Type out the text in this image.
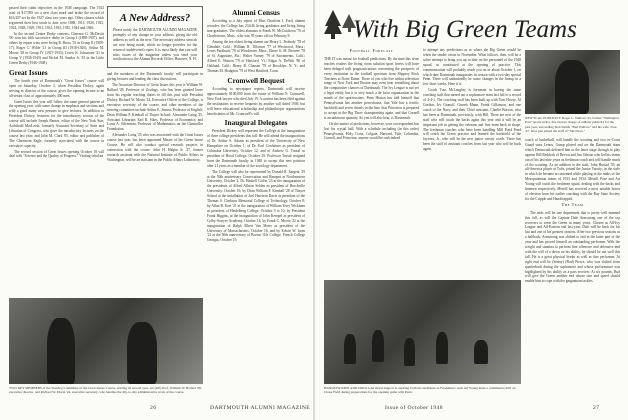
passed their cabin objectives in the 1948 campaign. The 1923 total of $17,995 set a new class mark and broke the record of $16,307 set by the 1927 class two years ago. Other classes which registered their best totals to date were 1888, 1911, 1920, 1923, 1924, 1928, 1929, 1931, 1932, 1933, 1935, 1944 and 1946.

In the second Centre Derby contests, Clarence G. McDavitt '00 won his fifth successive derby in Group I (1898-1907), and others by repeat wins were Irving R. Bross '15 in Group II (1908-17), Roger C. Wilde '21 in Group III (1918-1926), Arthur M. Moore '28 in Group IV (1927-1935), Lewis K. Johnstone '41 in Group V (1936-1945) and Nickel M. Sandor Jr. '45 in the Little Green Derby (1946-1948).

Great Issues

The fourth year of Dartmouth's "Great Issues" course will open on Saturday, October 2, when President Dickey, again serving as director of the course, gives the opening lecture to an all-senior class of approximately 400 men.

Great Issues this year will follow the same general pattern of the opening year, with some change in emphasis and sections and with a good many new persons to give lectures. In addition to President Dickey, lecturers for the introductory section of the course will include Joseph Barnes, editor of the New York Star; Archibald MacLeish, formerly Assistant Secretary of State and Librarian of Congress, who gave the introductory lectures on the course last year; and John M. Clark '05, editor and publisher of The Claremont Eagle, formerly associated with the course in executive capacity.

The second session of Great Issues opening October 18 will deal with "Science and the Quality of Progress." Visiting scholars

A New Address?

Please notify the DARTMOUTH ALUMNI MAGAZINE promptly of any change in your address, giving the old address as well as the new. The necessary address stencils are now being made, which no longer provides for the return of undelivered copies. It is most likely that you will miss issues of the magazine unless you send your notification to the Alumni Records Office, Hanover, N. H.

and the members of the Dartmouth faculty will participate in giving lectures and leading the class discussions.

The Associate Director of Great Issues this year is William W. Ballard '28, Professor of Zoology, who has been granted leave from his regular teaching duties to fill this post with President Dickey. Richard W. Morin '24, Executive Officer of the College, is executive secretary of the course, and other members of the steering committee include Arthur E. Jensen, Professor of English; Dean William P. Kimball of Thayer School; Alexander Laing '25, Assistant Librarian; Earl R. Sikes, Professor of Economics; and Louis A. Silverman, Professor of Mathematics on the Chancellor Foundation.

Alexander Laing '25 who was associated with the Great Issues course last year, has been appointed Master of the Green house Course. He will also conduct special research projects in connection with the course. John H. Halpin Jr. '47, former research assistant with the National Institute of Public Affairs in Washington, will be an assistant in the Public Affairs Laboratory.

Alumni Census

According to a July report of Miss Charlotte J. Ford, alumni recorder, the College has 23,646 living graduates and living living non-graduates. The oldest alumnus is Frank W. McCutcheon '76 of Charlestown, Mass., who was 95 years old on February 9.

Among the ten oldest living alumni are Henry L. Peabody '78 of Glendale, Calif.; William R. Tillotson '77 of Westwood, Mass.; Lewis Parkhurst '78 of Winchester, Mass.; Elmer G. M. Browne '78 of St. Augustine, Fla.; Walter Varney '79 of Sacramento, Calif.; Alfred E. Watson '79 of Hartford, Vt.; Edgar A. DeWitt '80 of Oakland, Calif.; Henry B. Clausen '79 of Brooklyn, N. Y.; and Thomas M. Hodgdon '79 of West Hartford, Conn.

Cromwell Bequest

According to newspaper reports, Dartmouth will receive approximately $100,000 from the estate of William N. Cromwell, New York lawyer who died July 19. A contest has been filed against the institutions to receive bequests by another will dated 1939, but will leave educational scholarship and philanthropic organizations beneficiaries of Mr. Cromwell's will.

Inaugural Delegates

President Dickey will represent the College at the inauguration of three college presidents this fall: He will attend the inaugurations of Dr. Arthur S. Adams as president of the University of New Hampshire on October 1, of Dr. Earl Cowhitner as president of Columbia University, October 12, and of Andrew G. Truxal as president of Hood College, October 29. Professor Truxal resigned from the Dartmouth faculty in 1948 to accept this new position after 21 years as a member of the sociology department.

The College will also be represented by Donald R. Sargent '29 at the 50th anniversary Convocation and Banquet at Northeastern University, October 2; Dr. Haskell Coffin '23 at the inauguration of the presidents of Alfred Allston Selden as president of Brockville University, October 16; by Dean William F. Kimball '28 of Thayer School at the installation of Joel Harrison Davis as president of the Thomas S. Clarkson Memorial College of Technology, October 8; by Allan B. Kerr '21 at the inauguration of William Terry Wickham as president of Heidelberg College, October 9 to 10; by President Frank Higgins, at the inauguration of John Kempel as president of Colby-Sawyer Academy, October 14; by Frank C. Moore '22 at the inauguration of Ralph Albert Van Meter as president of the University of Massachusetts, October 16, and by Edwin W. Irons '22 at the 50th anniversary of Brown 11th College, French College Georgia, October 19.

TWO KEY MEMBERS of the Steering Committee of the Great Issues Course, starting its second year, are (left) Prof. William W. Ballard '28, executive director, and Richard W. Morin '24, executive secretary, who handles the day-to-day administrative work of the course.
26	DARTMOUTH ALUMNI MAGAZINE
With Big Green Teams
Football Forecast

THE IT was meant for football predictions. By the time this issue reaches readers the living room solution sport lovers will have been deluged with prognostications concerning the prospects of every institution in the football spectrum from Slippery Rock Teachers to Notre Dame. Those of you who live within television range of New York and Boston may even hear something about the comparative chances of Dartmouth. The Ivy League is not yet a legal entity, but it is very much a de facto organization in the minds of the sportswriters. Penn Hinton has told himself that Pennsylvania has another powerhouse, that Yale has a terrific backfield and seven drawls in the line, that Princeton is prepared to accept in the Big Three championship again, and that Cornell is an unknown quantity. So you will also hear, is Dartmouth.

On the matter of predictions, however, your correspondent has lost his crystal ball. With a schedule including (in this order) Pennsylvania, Holy Cross, Colgate, Harvard, Yale, Columbia, Cornell, and Princeton, anyone would be rash indeed

to attempt any predictions as to where the Big Green would be when the smoke clears in November. What follows, then, will be a sober attempt to bring you up to date on the personnel of the 1948 squad, as constituted at the opening of practice. This communication will probably reach you on or about October 1, on which date Dartmouth inaugurates its season with a two-day special Penn. There will undoubtedly be some changes in the lineup in a few short weeks. Here it is.

Coach Tuss McLaughry is fortunate in having the same coaching staff that turned out a sophomore team last fall to a record of 4-4-1. The coaching staff has been built up with Tom Hovey, Al Gordon, Irv Granoff, Garrett Mann, Frank Gilkinson, and one coach of the Navy, and their Chief assistant, Charlie Borson, who has been at Dartmouth, previously, with Bill. There are new of the staff who will coach the backs again this year and it will be an important job in getting the veterans and first team back in shape. The freshman coaches who have been handling Mill Pond Pond will coach the Green practice and learned the backfield of the Jayvees, Jr., who will be the new junior varsity coach. There has been the staff of assistant coaches from last year who will be back again.

NEW SCAC PUBLICIST: Roger C. Wallace '43, former "Wellington Post" sports writer, has been in charge of athletic publicity for the past year, succeeding Don Smith. "Bud Wallace" and his wife, Joan '47, have just joined the staff of "Ski News."

coach of basketball, will handle the scouting and two ex-Coast Guard stars Lenox, Gump played end on the Dartmouth team which Dartmouth defeated him in the latter stage through to play against Bill Reddoch of Brown and Jim Gibson who led his teams out of his last nine years as freshman coach and will handle much of the scouting. As an addition to the staff, John Hustad '39, an all-America player at Tufts, joined the Junior Varsity; in the style in which he became accustomed while playing in the ranks of the Mesopotamian teams of 1933 and 1934. Merrill Pose and Art Young will coach the freshmen squad, dealing with the backs and linemen respectively. Merrill has received a most notable honor of election from his earlier coaching with the Bay State Society for the Cripple and Handicapped.

The Team

The ends will be one department that is pretty well manned this fall, as will the Captain Dale Armstrong one of the top receivers to wear the Green in many years. Chosen as All-Ivy League and All-Eastern end last year, Dale will be back for his last and one of his greatest seasons. After two previous seasons as a halfback, Armstrong was shifted to end in the latter part of the year and has proved himself an outstanding performer. With the weight and stamina to perform fine offensive and defensive and with the will of a down on his ability, he should be out well this fall. He is a great physical leader as well as fine performer. At right end will be (Sonny) (Bud) Pierce, who was shifted from quarterback during the sophomore and whose performance was highlighted by his ability as a pass receiver. At six pounds, Bud will give the Green another end whose size and speed should enable him to cope with the gargantuan tackles.

HANOVER KIDS AND DOGS lend moral support to aspiring football candidates as Freshman Coach Art Young leads a calisthenics drill on Chase Field during preparations for the opening game with Penn.
Issue of October 1948	27
